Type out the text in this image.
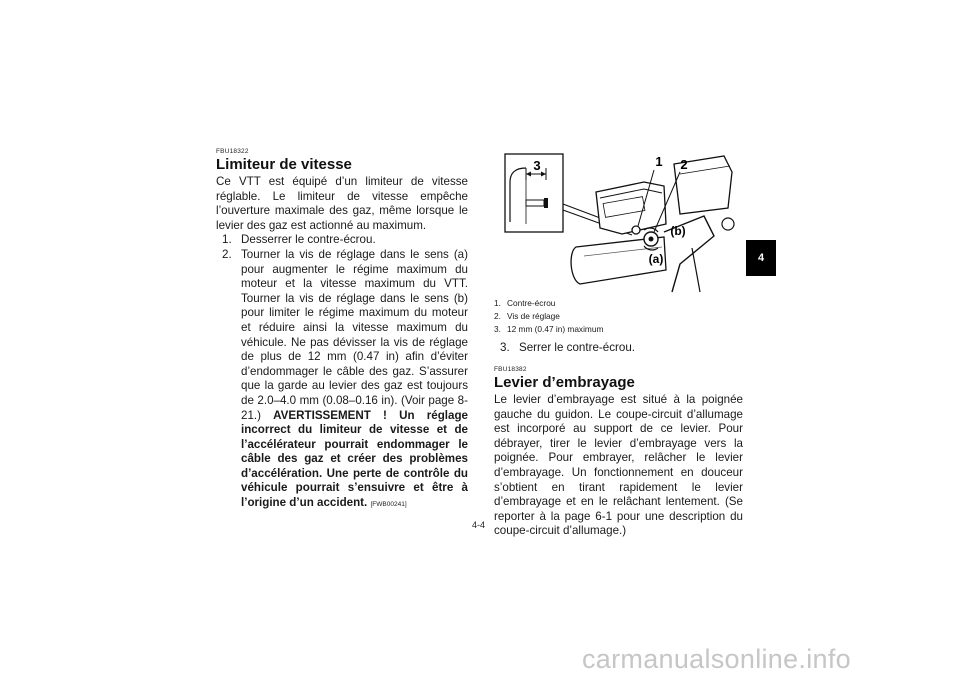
FBU18322
Limiteur de vitesse

Ce VTT est équipé d’un limiteur de vitesse réglable. Le limiteur de vitesse empêche l’ouverture maximale des gaz, même lorsque le levier des gaz est actionné au maximum.

1. Desserrer le contre-écrou.
2. Tourner la vis de réglage dans le sens (a) pour augmenter le régime maximum du moteur et la vitesse maximum du VTT. Tourner la vis de réglage dans le sens (b) pour limiter le régime maximum du moteur et réduire ainsi la vitesse maximum du véhicule. Ne pas dévisser la vis de réglage de plus de 12 mm (0.47 in) afin d’éviter d’endommager le câble des gaz. S’assurer que la garde au levier des gaz est toujours de 2.0–4.0 mm (0.08–0.16 in). (Voir page 8-21.) AVERTISSEMENT ! Un réglage incorrect du limiteur de vitesse et de l’accélérateur pourrait endommager le câble des gaz et créer des problèmes d’accélération. Une perte de contrôle du véhicule pourrait s’ensuivre et être à l’origine d’un accident. [FWB00241]
3	1 2
(b)
(a)
1. Contre-écrou
2. Vis de réglage
3. 12 mm (0.47 in) maximum
3. Serrer le contre-écrou.
FBU18382
Levier d’embrayage

Le levier d’embrayage est situé à la poignée gauche du guidon. Le coupe-circuit d’allumage est incorporé au support de ce levier. Pour débrayer, tirer le levier d’embrayage vers la poignée. Pour embrayer, relâcher le levier d’embrayage. Un fonctionnement en douceur s’obtient en tirant rapidement le levier d’embrayage et en le relâchant lentement. (Se reporter à la page 6-1 pour une description du coupe-circuit d’allumage.)

4-4
4
carmanualsonline.info
